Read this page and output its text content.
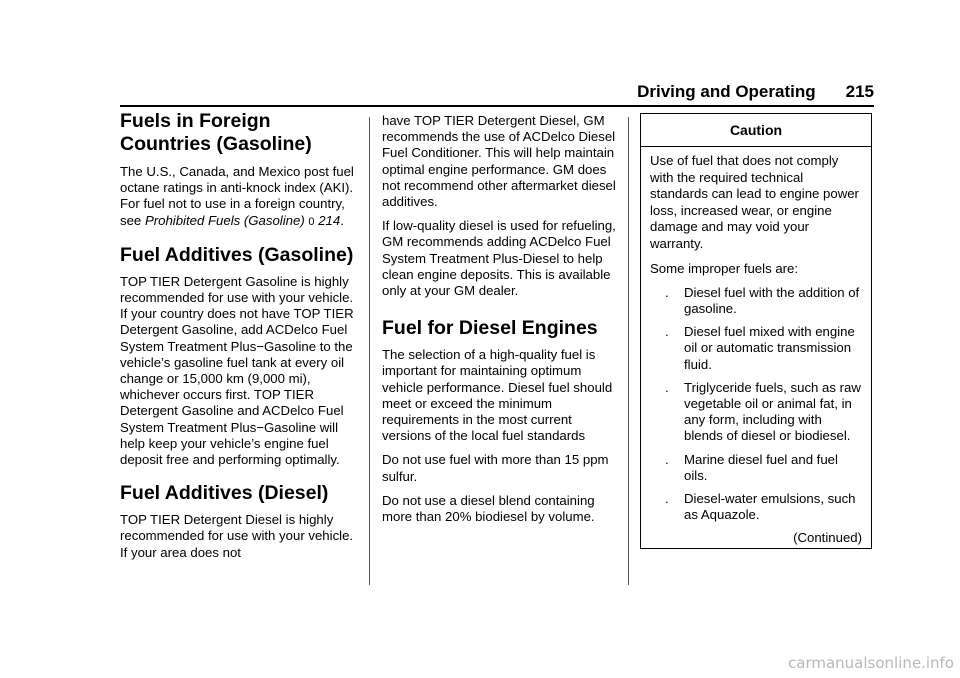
Driving and Operating 215
Fuels in Foreign Countries (Gasoline)

The U.S., Canada, and Mexico post fuel octane ratings in anti-knock index (AKI). For fuel not to use in a foreign country, see Prohibited Fuels (Gasoline) 0 214.

Fuel Additives (Gasoline)

TOP TIER Detergent Gasoline is highly recommended for use with your vehicle. If your country does not have TOP TIER Detergent Gasoline, add ACDelco Fuel System Treatment Plus−Gasoline to the vehicle’s gasoline fuel tank at every oil change or 15,000 km (9,000 mi), whichever occurs first. TOP TIER Detergent Gasoline and ACDelco Fuel System Treatment Plus−Gasoline will help keep your vehicle’s engine fuel deposit free and performing optimally.

Fuel Additives (Diesel)

TOP TIER Detergent Diesel is highly recommended for use with your vehicle. If your area does not

have TOP TIER Detergent Diesel, GM recommends the use of ACDelco Diesel Fuel Conditioner. This will help maintain optimal engine performance. GM does not recommend other aftermarket diesel additives.

If low-quality diesel is used for refueling, GM recommends adding ACDelco Fuel System Treatment Plus-Diesel to help clean engine deposits. This is available only at your GM dealer.

Fuel for Diesel Engines

The selection of a high-quality fuel is important for maintaining optimum vehicle performance. Diesel fuel should meet or exceed the minimum requirements in the most current versions of the local fuel standards

Do not use fuel with more than 15 ppm sulfur.

Do not use a diesel blend containing more than 20% biodiesel by volume.

Caution

Use of fuel that does not comply with the required technical standards can lead to engine power loss, increased wear, or engine damage and may void your warranty.

Some improper fuels are:

. Diesel fuel with the addition of gasoline.
. Diesel fuel mixed with engine oil or automatic transmission fluid.
. Triglyceride fuels, such as raw vegetable oil or animal fat, in any form, including with blends of diesel or biodiesel.
. Marine diesel fuel and fuel oils.
. Diesel-water emulsions, such as Aquazole.
(Continued)
carmanualsonline.info
